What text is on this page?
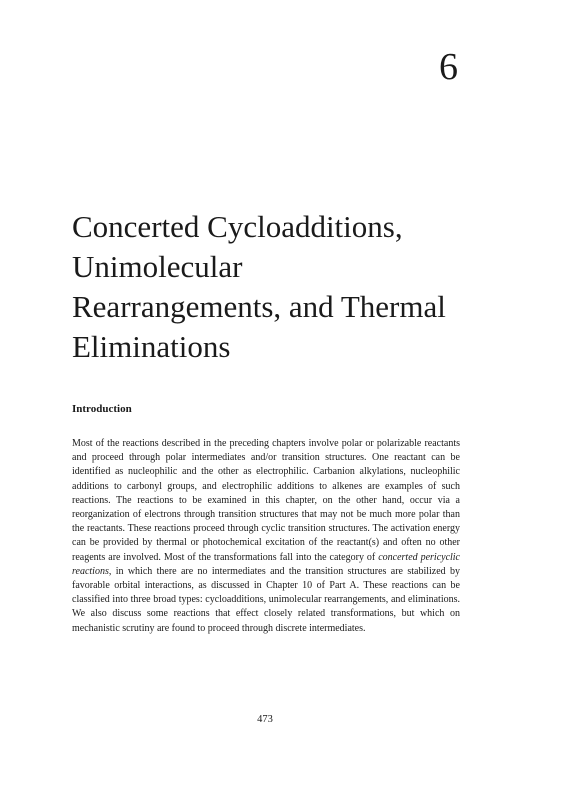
6
Concerted Cycloadditions,
Unimolecular
Rearrangements, and Thermal
Eliminations
Introduction

Most of the reactions described in the preceding chapters involve polar or polarizable reactants and proceed through polar intermediates and/or transition structures. One reactant can be identified as nucleophilic and the other as electrophilic. Carbanion alkylations, nucleophilic additions to carbonyl groups, and electrophilic additions to alkenes are examples of such reactions. The reactions to be examined in this chapter, on the other hand, occur via a reorganization of electrons through transition structures that may not be much more polar than the reactants. These reactions proceed through cyclic transition structures. The activation energy can be provided by thermal or photochemical excitation of the reactant(s) and often no other reagents are involved. Most of the transformations fall into the category of concerted pericyclic reactions, in which there are no intermediates and the transition structures are stabilized by favorable orbital interactions, as discussed in Chapter 10 of Part A. These reactions can be classified into three broad types: cycloadditions, unimolecular rearrangements, and eliminations. We also discuss some reactions that effect closely related transformations, but which on mechanistic scrutiny are found to proceed through discrete intermediates.

473
